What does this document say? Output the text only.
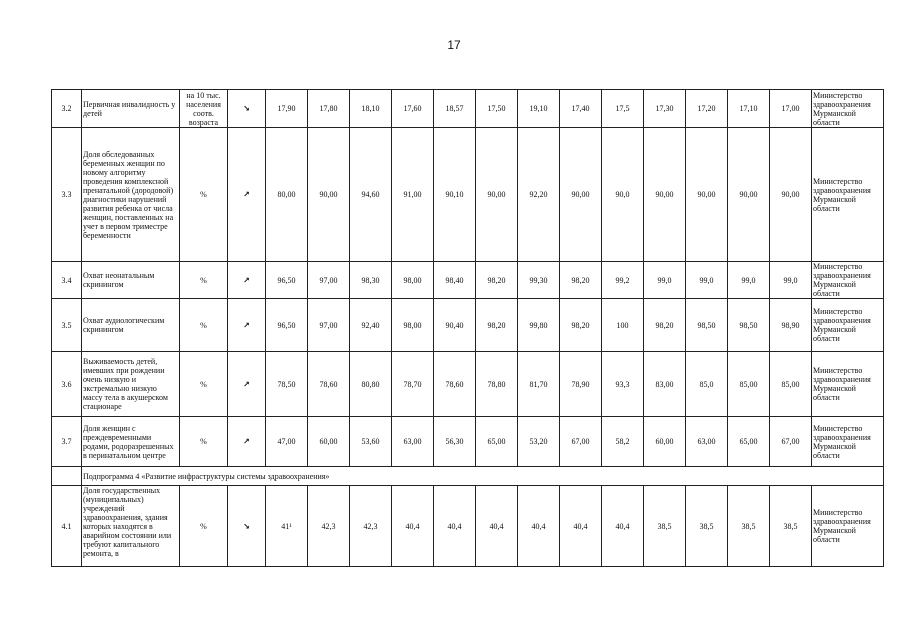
17
3.2	Первичная инвалидность у детей	на 10 тыс. населения соотв. возраста	↘	17,90	17,80	18,10	17,60	18,57	17,50	19,10	17,40	17,5	17,30	17,20	17,10	17,00	Министерство здравоохранения Мурманской области
3.3	Доля обследованных беременных женщин по новому алгоритму проведения комплексной пренатальной (дородовой) диагностики нарушений развития ребенка от числа женщин, поставленных на учет в первом триместре беременности	%	↗	80,00	90,00	94,60	91,00	90,10	90,00	92,20	90,00	90,0	90,00	90,00	90,00	90,00	Министерство здравоохранения Мурманской области
3.4	Охват неонатальным скринингом	%	↗	96,50	97,00	98,30	98,00	98,40	98,20	99,30	98,20	99,2	99,0	99,0	99,0	99,0	Министерство здравоохранения Мурманской области
3.5	Охват аудиологическим скринингом	%	↗	96,50	97,00	92,40	98,00	90,40	98,20	99,80	98,20	100	98,20	98,50	98,50	98,90	Министерство здравоохранения Мурманской области
3.6	Выживаемость детей, имевших при рождении очень низкую и экстремально низкую массу тела в акушерском стационаре	%	↗	78,50	78,60	80,80	78,70	78,60	78,80	81,70	78,90	93,3	83,00	85,0	85,00	85,00	Министерство здравоохранения Мурманской области
3.7	Доля женщин с преждевременными родами, родоразрешенных в перинатальном центре	%	↗	47,00	60,00	53,60	63,00	56,30	65,00	53,20	67,00	58,2	60,00	63,00	65,00	67,00	Министерство здравоохранения Мурманской области
	Подпрограмма 4 «Развитие инфраструктуры системы здравоохранения»																
4.1	Доля государственных (муниципальных) учреждений здравоохранения, здания которых находятся в аварийном состоянии или требуют капитального ремонта, в	%	↘	41¹	42,3	42,3	40,4	40,4	40,4	40,4	40,4	40,4	38,5	38,5	38,5	38,5	Министерство здравоохранения Мурманской области
